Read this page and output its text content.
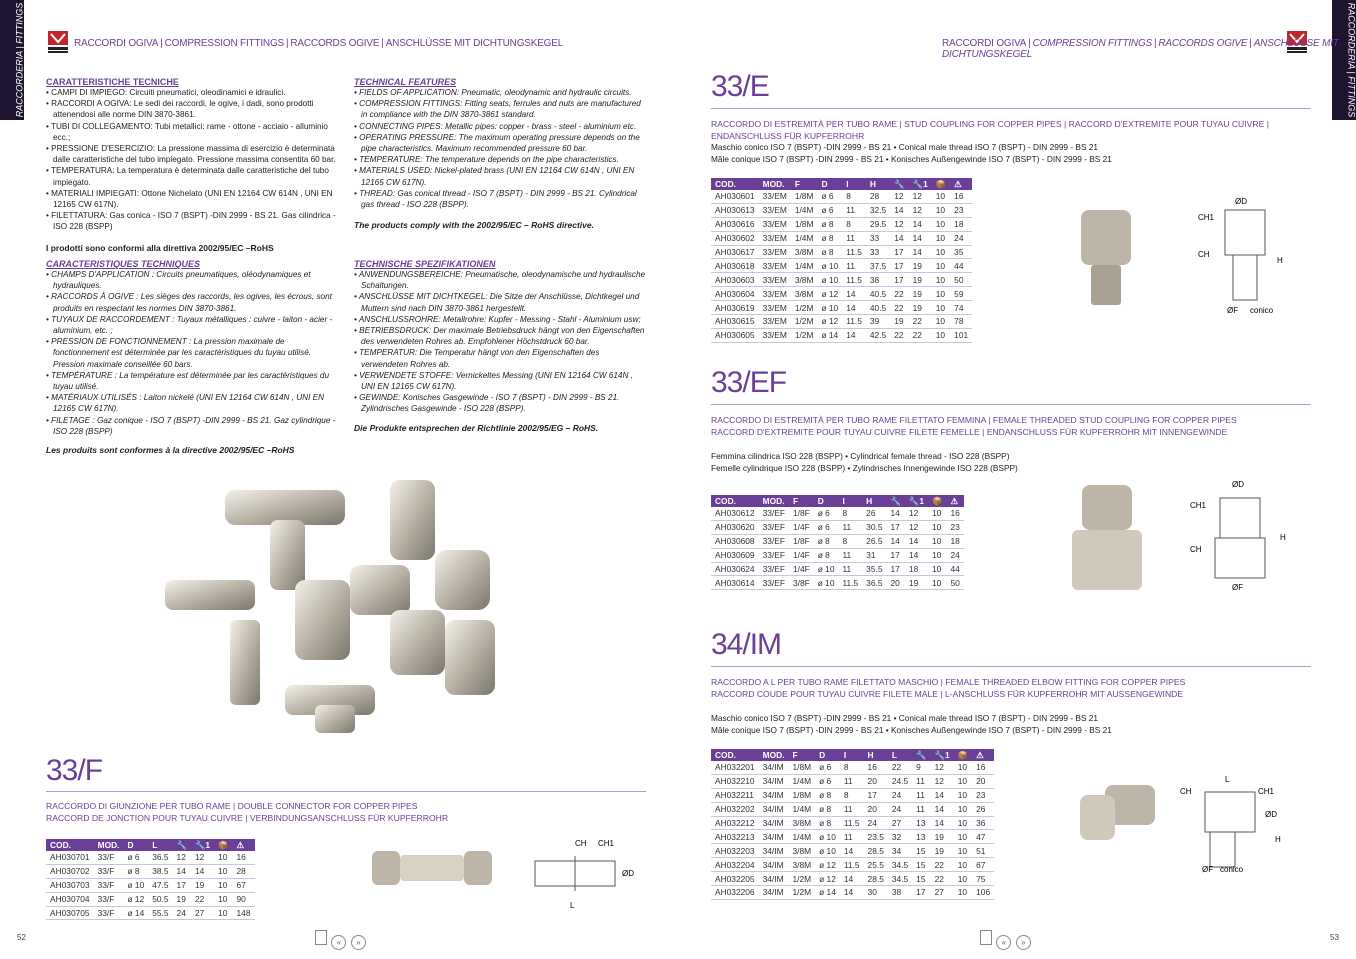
RACCORDERIA | FITTINGS	RACCORDERIA | FITTINGS
RACCORDI OGIVA | COMPRESSION FITTINGS | RACCORDS OGIVE | ANSCHLÜSSE MIT DICHTUNGSKEGEL	RACCORDI OGIVA | COMPRESSION FITTINGS | RACCORDS OGIVE | ANSCHLÜSSE MIT DICHTUNGSKEGEL
CARATTERISTICHE TECNICHE
• CAMPI DI IMPIEGO: Circuiti pneumatici, oleodinamici e idraulici.
• RACCORDI A OGIVA: Le sedi dei raccordi, le ogive, i dadi, sono prodotti attenendosi alle norme DIN 3870-3861.
• TUBI DI COLLEGAMENTO: Tubi metallici: rame - ottone - acciaio - alluminio ecc.;
• PRESSIONE D'ESERCIZIO: La pressione massima di esercizio è determinata dalle caratteristiche del tubo impiegato. Pressione massima consentita 60 bar.
• TEMPERATURA: La temperatura è determinata dalle caratteristiche del tubo impiegato.
• MATERIALI IMPIEGATI: Ottone Nichelato (UNI EN 12164 CW 614N , UNI EN 12165 CW 617N).
• FILETTATURA: Gas conica - ISO 7 (BSPT) -DIN 2999 - BS 21. Gas cilindrica - ISO 228 (BSPP)
I prodotti sono conformi alla direttiva 2002/95/EC –RoHS
TECHNICAL FEATURES
• FIELDS OF APPLICATION: Pneumatic, oleodynamic and hydraulic circuits.
• COMPRESSION FITTINGS: Fitting seats, ferrules and nuts are manufactured in compliance with the DIN 3870-3861 standard.
• CONNECTING PIPES: Metallic pipes: copper - brass - steel - aluminium etc.
• OPERATING PRESSURE: The maximum operating pressure depends on the pipe characteristics. Maximum recommended pressure 60 bar.
• TEMPERATURE: The temperature depends on the pipe characteristics.
• MATERIALS USED: Nickel-plated brass (UNI EN 12164 CW 614N , UNI EN 12165 CW 617N).
• THREAD: Gas conical thread - ISO 7 (BSPT) - DIN 2999 - BS 21. Cylindrical gas thread - ISO 228 (BSPP).
The products comply with the 2002/95/EC – RoHS directive.
CARACTERISTIQUES TECHNIQUES
• CHAMPS D'APPLICATION : Circuits pneumatiques, oléodynamiques et hydrauliques.
• RACCORDS À OGIVE : Les sièges des raccords, les ogives, les écrous, sont produits en respectant les normes DIN 3870-3861.
• TUYAUX DE RACCORDEMENT : Tuyaux métalliques : cuivre - laiton - acier - aluminium, etc. ;
• PRESSION DE FONCTIONNEMENT : La pression maximale de fonctionnement est déterminée par les caractéristiques du tuyau utilisé. Pression maximale conseillée 60 bars.
• TEMPÉRATURE : La température est déterminée par les caractéristiques du tuyau utilisé.
• MATÉRIAUX UTILISÉS : Laiton nickelé (UNI EN 12164 CW 614N , UNI EN 12165 CW 617N).
• FILETAGE : Gaz conique - ISO 7 (BSPT) -DIN 2999 - BS 21. Gaz cylindrique - ISO 228 (BSPP)
Les produits sont conformes à la directive 2002/95/EC –RoHS
TECHNISCHE SPEZIFIKATIONEN
• ANWENDUNGSBEREICHE: Pneumatische, oleodynamische und hydraulische Schaltungen.
• ANSCHLÜSSE MIT DICHTKEGEL: Die Sitze der Anschlüsse, Dichtkegel und Muttern sind nach DIN 3870-3861 hergestellt.
• ANSCHLUSSROHRE: Metallrohre: Kupfer - Messing - Stahl - Aluminium usw;
• BETRIEBSDRUCK: Der maximale Betriebsdruck hängt von den Eigenschaften des verwendeten Rohres ab. Empfohlener Höchstdruck 60 bar.
• TEMPERATUR: Die Temperatur hängt von den Eigenschaften des verwendeten Rohres ab.
• VERWENDETE STOFFE: Vernickeltes Messing (UNI EN 12164 CW 614N , UNI EN 12165 CW 617N).
• GEWINDE: Konisches Gasgewinde - ISO 7 (BSPT) - DIN 2999 - BS 21. Zylindrisches Gasgewinde - ISO 228 (BSPP).
Die Produkte entsprechen der Richtlinie 2002/95/EG – RoHS.
33/F
RACCORDO DI GIUNZIONE PER TUBO RAME | DOUBLE CONNECTOR FOR COPPER PIPES
RACCORD DE JONCTION POUR TUYAU CUIVRE | VERBINDUNGSANSCHLUSS FÜR KUPFERROHR
COD.	MOD.	D	L	🔧	🔧1	📦	⚠
AH030701	33/F	ø 6	36.5	12	12	10	16
AH030702	33/F	ø 8	38.5	14	14	10	28
AH030703	33/F	ø 10	47.5	17	19	10	67
AH030704	33/F	ø 12	50.5	19	22	10	90
AH030705	33/F	ø 14	55.5	24	27	10	148
CH CH1
ØD
L
33/E
RACCORDO DI ESTREMITÀ PER TUBO RAME | STUD COUPLING FOR COPPER PIPES | RACCORD D'EXTREMITE POUR TUYAU CUIVRE | ENDANSCHLUSS FÜR KUPFERROHR
Maschio conico ISO 7 (BSPT) -DIN 2999 - BS 21 • Conical male thread ISO 7 (BSPT) - DIN 2999 - BS 21
Mâle conique ISO 7 (BSPT) -DIN 2999 - BS 21 • Konisches Außengewinde ISO 7 (BSPT) - DIN 2999 - BS 21
COD.	MOD.	F	D	I	H	🔧	🔧1	📦	⚠
AH030601	33/EM	1/8M	ø 6	8	28	12	12	10	16
AH030613	33/EM	1/4M	ø 6	11	32.5	14	12	10	23
AH030616	33/EM	1/8M	ø 8	8	29.5	12	14	10	18
AH030602	33/EM	1/4M	ø 8	11	33	14	14	10	24
AH030617	33/EM	3/8M	ø 8	11.5	33	17	14	10	35
AH030618	33/EM	1/4M	ø 10	11	37.5	17	19	10	44
AH030603	33/EM	3/8M	ø 10	11.5	38	17	19	10	50
AH030604	33/EM	3/8M	ø 12	14	40.5	22	19	10	59
AH030619	33/EM	1/2M	ø 10	14	40.5	22	19	10	74
AH030615	33/EM	1/2M	ø 12	11.5	39	19	22	10	78
AH030605	33/EM	1/2M	ø 14	14	42.5	22	22	10	101
CH1
ØD
CH
H
ØF conico
33/EF
RACCORDO DI ESTREMITÀ PER TUBO RAME FILETTATO FEMMINA | FEMALE THREADED STUD COUPLING FOR COPPER PIPES
RACCORD D'EXTREMITE POUR TUYAU CUIVRE FILETE FEMELLE | ENDANSCHLUSS FÜR KUPFERROHR MIT INNENGEWINDE
Femmina cilindrica ISO 228 (BSPP) • Cylindrical female thread - ISO 228 (BSPP)
Femelle cylindrique ISO 228 (BSPP) • Zylindrisches Innengewinde ISO 228 (BSPP)
COD.	MOD.	F	D	I	H	🔧	🔧1	📦	⚠
AH030612	33/EF	1/8F	ø 6	8	26	14	12	10	16
AH030620	33/EF	1/4F	ø 6	11	30.5	17	12	10	23
AH030608	33/EF	1/8F	ø 8	8	26.5	14	14	10	18
AH030609	33/EF	1/4F	ø 8	11	31	17	14	10	24
AH030624	33/EF	1/4F	ø 10	11	35.5	17	18	10	44
AH030614	33/EF	3/8F	ø 10	11.5	36.5	20	19	10	50
ØD
CH1
CH
H
ØF
34/IM
RACCORDO A L PER TUBO RAME FILETTATO MASCHIO | FEMALE THREADED ELBOW FITTING FOR COPPER PIPES
RACCORD COUDE POUR TUYAU CUIVRE FILETE MALE | L-ANSCHLUSS FÜR KUPFERROHR MIT AUSSENGEWINDE
Maschio conico ISO 7 (BSPT) -DIN 2999 - BS 21 • Conical male thread ISO 7 (BSPT) - DIN 2999 - BS 21
Mâle conique ISO 7 (BSPT) -DIN 2999 - BS 21 • Konisches Außengewinde ISO 7 (BSPT) - DIN 2999 - BS 21
COD.	MOD.	F	D	I	H	L	🔧	🔧1	📦	⚠
AH032201	34/IM	1/8M	ø 6	8	16	22	9	12	10	16
AH032210	34/IM	1/4M	ø 6	11	20	24.5	11	12	10	20
AH032211	34/IM	1/8M	ø 8	8	17	24	11	14	10	23
AH032202	34/IM	1/4M	ø 8	11	20	24	11	14	10	26
AH032212	34/IM	3/8M	ø 8	11.5	24	27	13	14	10	36
AH032213	34/IM	1/4M	ø 10	11	23.5	32	13	19	10	47
AH032203	34/IM	3/8M	ø 10	14	28.5	34	15	19	10	51
AH032204	34/IM	3/8M	ø 12	11.5	25.5	34.5	15	22	10	67
AH032205	34/IM	1/2M	ø 12	14	28.5	34.5	15	22	10	75
AH032206	34/IM	1/2M	ø 14	14	30	38	17	27	10	106
L
CH	CH1
ØD
H
ØF conico
52	53
« »	« »
